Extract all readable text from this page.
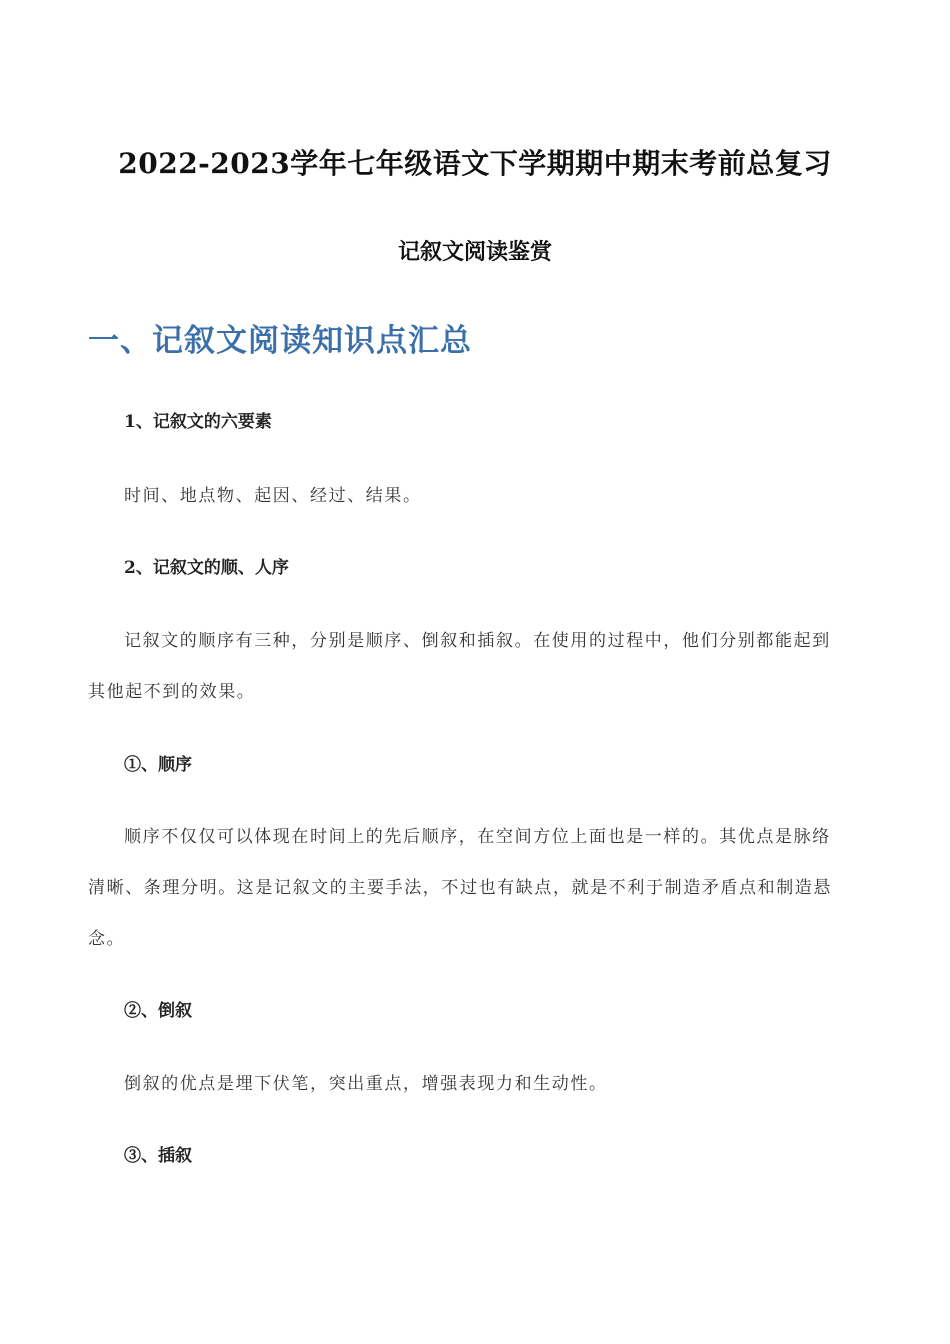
2022-2023学年七年级语文下学期期中期末考前总复习
记叙文阅读鉴赏
一、记叙文阅读知识点汇总

1、记叙文的六要素

时间、地点物、起因、经过、结果。

2、记叙文的顺、人序

记叙文的顺序有三种，分别是顺序、倒叙和插叙。在使用的过程中，他们分别都能起到

其他起不到的效果。

①、顺序

顺序不仅仅可以体现在时间上的先后顺序，在空间方位上面也是一样的。其优点是脉络

清晰、条理分明。这是记叙文的主要手法，不过也有缺点，就是不利于制造矛盾点和制造悬

念。

②、倒叙

倒叙的优点是埋下伏笔，突出重点，增强表现力和生动性。

③、插叙
